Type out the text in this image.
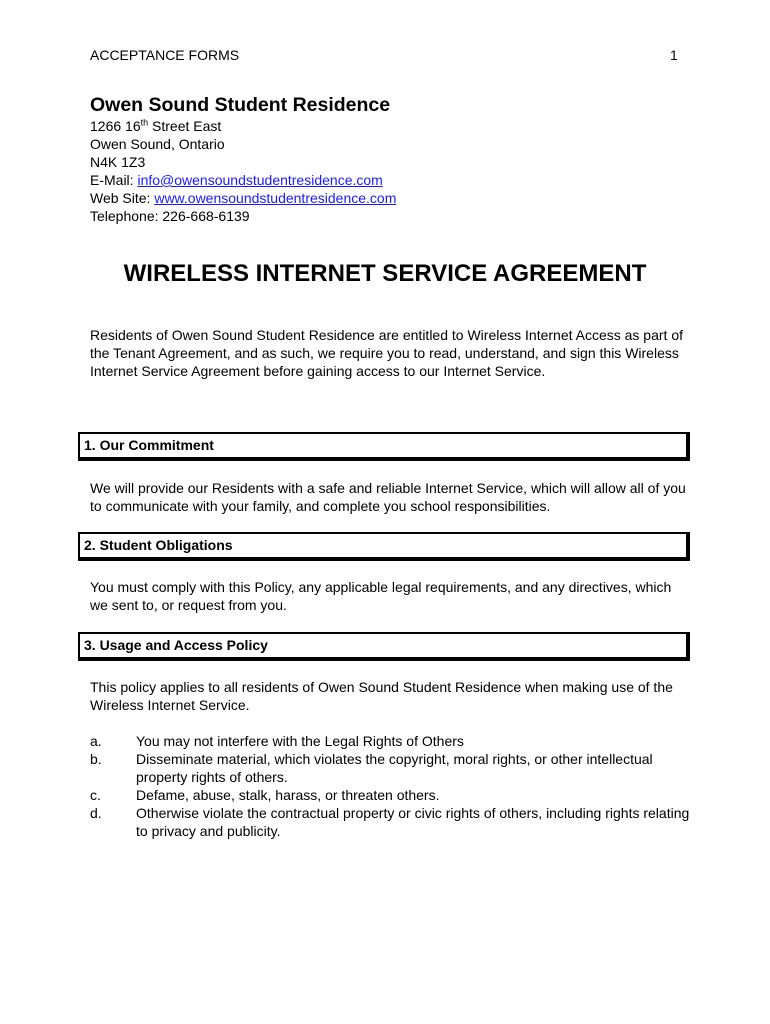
ACCEPTANCE FORMS	1
Owen Sound Student Residence
1266 16th Street East
Owen Sound, Ontario
N4K 1Z3
E-Mail: info@owensoundstudentresidence.com
Web Site: www.owensoundstudentresidence.com
Telephone: 226-668-6139
WIRELESS INTERNET SERVICE AGREEMENT
Residents of Owen Sound Student Residence are entitled to Wireless Internet Access as part of the Tenant Agreement, and as such, we require you to read, understand, and sign this Wireless Internet Service Agreement before gaining access to our Internet Service.
1. Our Commitment
We will provide our Residents with a safe and reliable Internet Service, which will allow all of you to communicate with your family, and complete you school responsibilities.
2. Student Obligations
You must comply with this Policy, any applicable legal requirements, and any directives, which we sent to, or request from you.
3. Usage and Access Policy
This policy applies to all residents of Owen Sound Student Residence when making use of the Wireless Internet Service.
a. You may not interfere with the Legal Rights of Others
b. Disseminate material, which violates the copyright, moral rights, or other intellectual property rights of others.
c.	Defame, abuse, stalk, harass, or threaten others.
d. Otherwise violate the contractual property or civic rights of others, including rights relating to privacy and publicity.
